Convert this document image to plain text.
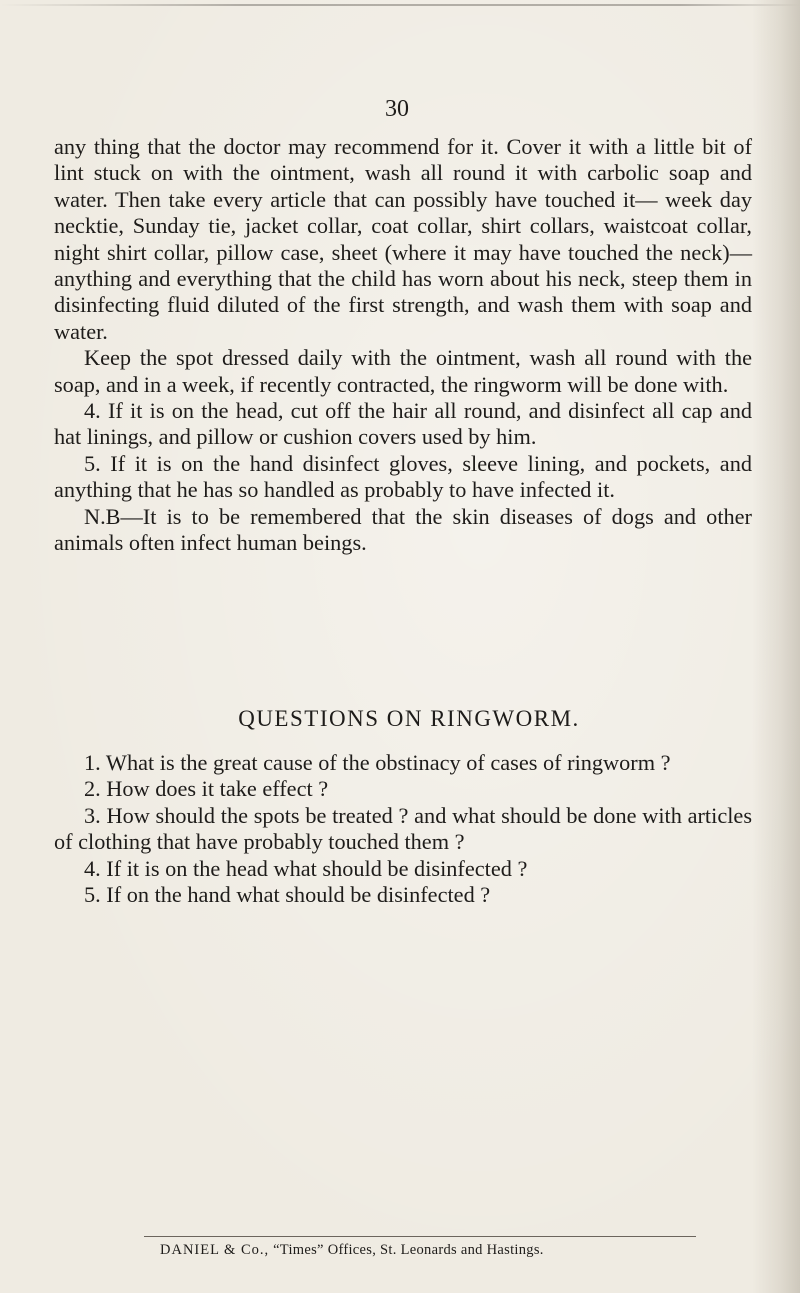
30

any thing that the doctor may recommend for it. Cover it with a little bit of lint stuck on with the ointment, wash all round it with carbolic soap and water. Then take every article that can possibly have touched it— week day necktie, Sunday tie, jacket collar, coat collar, shirt collars, waistcoat collar, night shirt collar, pillow case, sheet (where it may have touched the neck)— anything and everything that the child has worn about his neck, steep them in disinfecting fluid diluted of the first strength, and wash them with soap and water.

Keep the spot dressed daily with the ointment, wash all round with the soap, and in a week, if recently contracted, the ringworm will be done with.

4. If it is on the head, cut off the hair all round, and disinfect all cap and hat linings, and pillow or cushion covers used by him.

5. If it is on the hand disinfect gloves, sleeve lining, and pockets, and anything that he has so handled as probably to have infected it.

N.B—It is to be remembered that the skin diseases of dogs and other animals often infect human beings.

QUESTIONS ON RINGWORM.

1. What is the great cause of the obstinacy of cases of ringworm ?

2. How does it take effect ?

3. How should the spots be treated ? and what should be done with articles of clothing that have probably touched them ?

4. If it is on the head what should be disinfected ?

5. If on the hand what should be disinfected ?

DANIEL & Co., “Times” Offices, St. Leonards and Hastings.
